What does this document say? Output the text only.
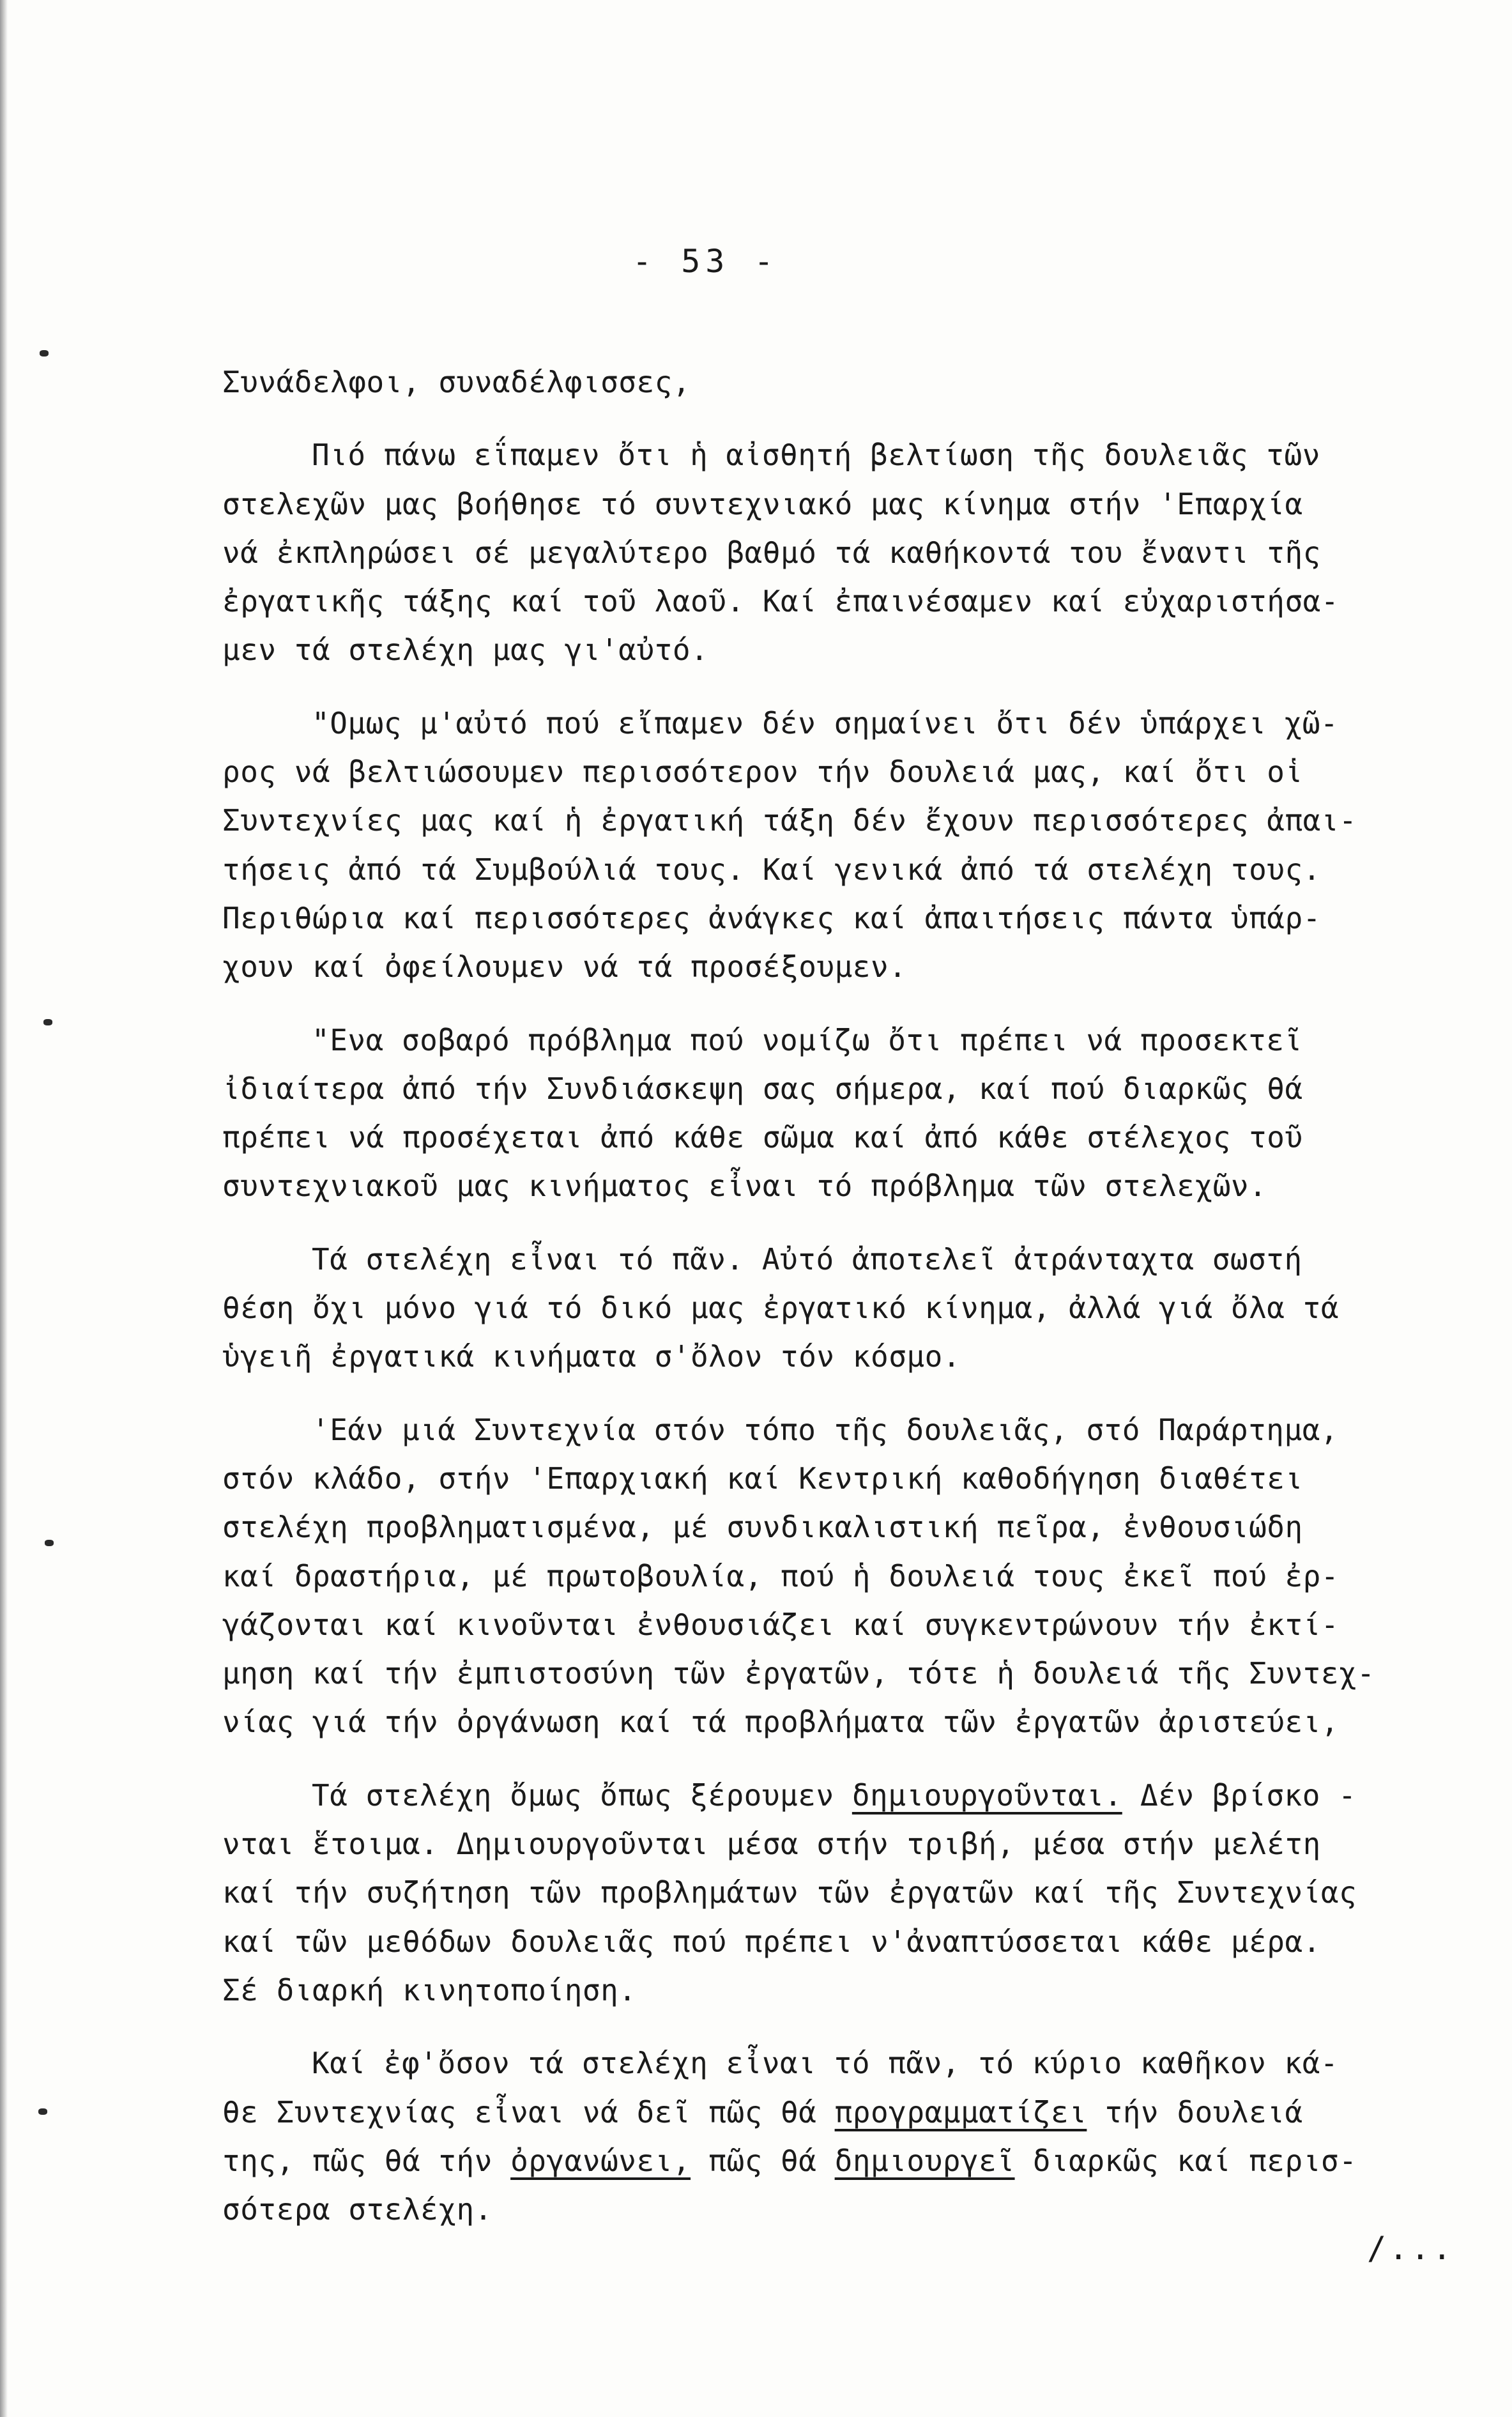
- 53 -
Συνάδελφοι, συναδέλφισσες,
Πιό πάνω εΐπαμεν ὄτι ἡ αἰσθητή βελτίωση τῆς δουλειᾶς τῶν
στελεχῶν μας βοήθησε τό συντεχνιακό μας κίνημα στήν 'Επαρχία
νά ἐκπληρώσει σέ μεγαλύτερο βαθμό τά καθήκοντά του ἔναντι τῆς
ἐργατικῆς τάξης καί τοῦ λαοῦ. Καί ἐπαινέσαμεν καί εὐχαριστήσα-
μεν τά στελέχη μας γι'αὐτό.
"Ομως μ'αὐτό πού εἴπαμεν δέν σημαίνει ὄτι δέν ὑπάρχει χῶ-
ρος νά βελτιώσουμεν περισσότερον τήν δουλειά μας, καί ὄτι οἱ
Συντεχνίες μας καί ἡ ἐργατική τάξη δέν ἔχουν περισσότερες ἀπαι-
τήσεις ἀπό τά Συμβούλιά τους. Καί γενικά ἀπό τά στελέχη τους.
Περιθώρια καί περισσότερες ἀνάγκες καί ἀπαιτήσεις πάντα ὑπάρ-
χουν καί ὀφείλουμεν νά τά προσέξουμεν.
"Ενα σοβαρό πρόβλημα πού νομίζω ὄτι πρέπει νά προσεκτεῖ
ἰδιαίτερα ἀπό τήν Συνδιάσκεψη σας σήμερα, καί πού διαρκῶς θά
πρέπει νά προσέχεται ἀπό κάθε σῶμα καί ἀπό κάθε στέλεχος τοῦ
συντεχνιακοῦ μας κινήματος εἶναι τό πρόβλημα τῶν στελεχῶν.
Τά στελέχη εἶναι τό πᾶν. Αὐτό ἀποτελεῖ ἀτράνταχτα σωστή
θέση ὄχι μόνο γιά τό δικό μας ἐργατικό κίνημα, ἀλλά γιά ὄλα τά
ὑγειῆ ἐργατικά κινήματα σ'ὄλον τόν κόσμο.
'Εάν μιά Συντεχνία στόν τόπο τῆς δουλειᾶς, στό Παράρτημα,
στόν κλάδο, στήν 'Επαρχιακή καί Κεντρική καθοδήγηση διαθέτει
στελέχη προβληματισμένα, μέ συνδικαλιστική πεῖρα, ἐνθουσιώδη
καί δραστήρια, μέ πρωτοβουλία, πού ἡ δουλειά τους ἐκεῖ πού ἐρ-
γάζονται καί κινοῦνται ἐνθουσιάζει καί συγκεντρώνουν τήν ἐκτί-
μηση καί τήν ἐμπιστοσύνη τῶν ἐργατῶν, τότε ἡ δουλειά τῆς Συντεχ-
νίας γιά τήν ὀργάνωση καί τά προβλήματα τῶν ἐργατῶν ἀριστεύει,
Τά στελέχη ὄμως ὄπως ξέρουμεν δημιουργοῦνται. Δέν βρίσκο -
νται ἕτοιμα. Δημιουργοῦνται μέσα στήν τριβή, μέσα στήν μελέτη
καί τήν συζήτηση τῶν προβλημάτων τῶν ἐργατῶν καί τῆς Συντεχνίας
καί τῶν μεθόδων δουλειᾶς πού πρέπει ν'ἀναπτύσσεται κάθε μέρα.
Σέ διαρκή κινητοποίηση.
Καί ἐφ'ὄσον τά στελέχη εἶναι τό πᾶν, τό κύριο καθῆκον κά-
θε Συντεχνίας εἶναι νά δεῖ πῶς θά προγραμματίζει τήν δουλειά
της, πῶς θά τήν ὀργανώνει, πῶς θά δημιουργεῖ διαρκῶς καί περισ-
σότερα στελέχη.
/...
